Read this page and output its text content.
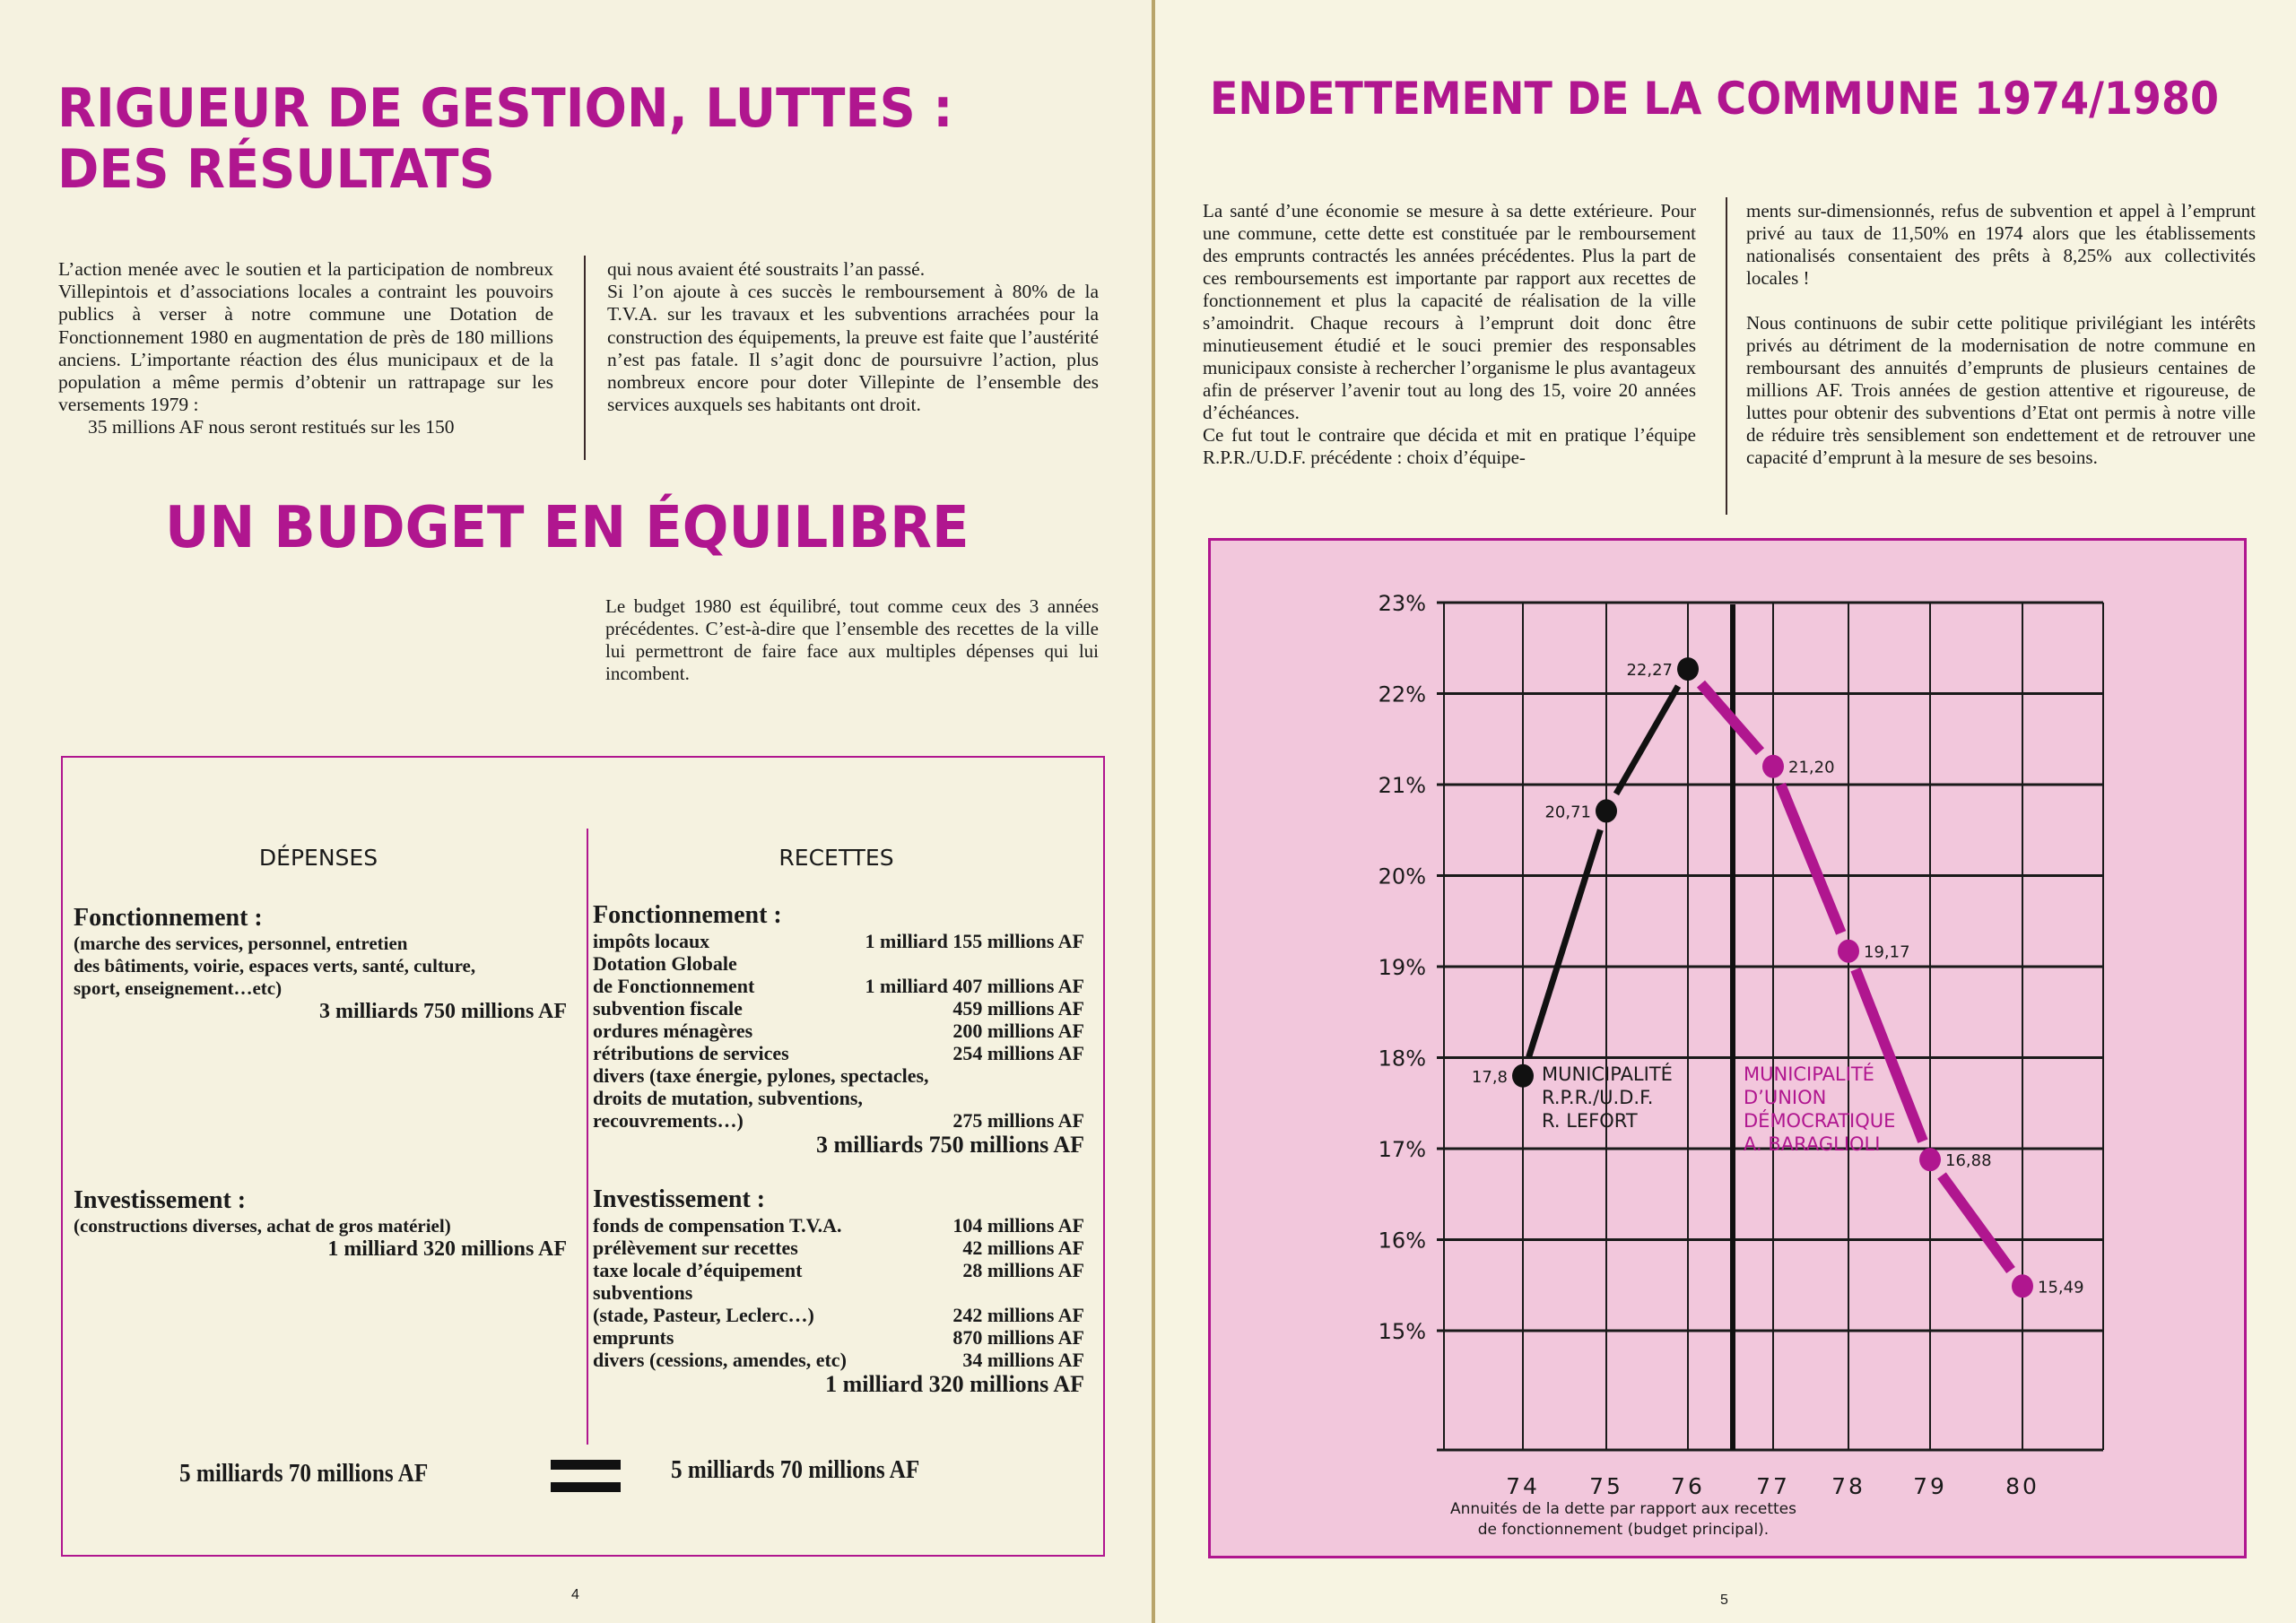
RIGUEUR DE GESTION, LUTTES :
DES RÉSULTATS

L’action menée avec le soutien et la participation de nombreux Villepintois et d’associations locales a contraint les pouvoirs publics à verser à notre commune une Dotation de Fonctionnement 1980 en augmentation de près de 180 millions anciens. L’importante réaction des élus municipaux et de la population a même permis d’obtenir un rattrapage sur les versements 1979 :

35 millions AF nous seront restitués sur les 150

qui nous avaient été soustraits l’an passé.

Si l’on ajoute à ces succès le remboursement à 80% de la T.V.A. sur les travaux et les subventions arrachées pour la construction des équipements, la preuve est faite que l’austérité n’est pas fatale. Il s’agit donc de poursuivre l’action, plus nombreux encore pour doter Villepinte de l’ensemble des services auxquels ses habitants ont droit.

UN BUDGET EN ÉQUILIBRE
Le budget 1980 est équilibré, tout comme ceux des 3 années précédentes. C’est-à-dire que l’ensemble des recettes de la ville lui permettront de faire face aux multiples dépenses qui lui incombent.
DÉPENSES
Fonctionnement :
(marche des services, personnel, entretien
des bâtiments, voirie, espaces verts, santé, culture,
sport, enseignement…etc)
3 milliards 750 millions AF
Investissement :
(constructions diverses, achat de gros matériel)
1 milliard 320 millions AF
RECETTES
Fonctionnement :
impôts locaux	1 milliard 155 millions AF
Dotation Globale
de Fonctionnement	1 milliard 407 millions AF
subvention fiscale	459 millions AF
ordures ménagères	200 millions AF
rétributions de services	254 millions AF
divers (taxe énergie, pylones, spectacles,
droits de mutation, subventions,
recouvrements…)	275 millions AF
3 milliards 750 millions AF
Investissement :
fonds de compensation T.V.A.	104 millions AF
prélèvement sur recettes	42 millions AF
taxe locale d’équipement	28 millions AF
subventions
(stade, Pasteur, Leclerc…)	242 millions AF
emprunts	870 millions AF
divers (cessions, amendes, etc)	34 millions AF
1 milliard 320 millions AF
5 milliards 70 millions AF	5 milliards 70 millions AF
4
ENDETTEMENT DE LA COMMUNE 1974/1980

La santé d’une économie se mesure à sa dette extérieure. Pour une commune, cette dette est constituée par le remboursement des emprunts contractés les années précédentes. Plus la part de ces remboursements est importante par rapport aux recettes de fonctionnement et plus la capacité de réalisation de la ville s’amoindrit. Chaque recours à l’emprunt doit donc être minutieusement étudié et le souci premier des responsables municipaux consiste à rechercher l’organisme le plus avantageux afin de préserver l’avenir tout au long des 15, voire 20 années d’échéances.

Ce fut tout le contraire que décida et mit en pratique l’équipe R.P.R./U.D.F. précédente : choix d’équipe-

ments sur-dimensionnés, refus de subvention et appel à l’emprunt privé au taux de 11,50% en 1974 alors que les établissements nationalisés consentaient des prêts à 8,25% aux collectivités locales !

Nous continuons de subir cette politique privilégiant les intérêts privés au détriment de la modernisation de notre commune en remboursant des annuités d’emprunts de plusieurs centaines de millions AF. Trois années de gestion attentive et rigoureuse, de luttes pour obtenir des subventions d’Etat ont permis à notre ville de réduire très sensiblement son endettement et de retrouver une capacité d’emprunt à la mesure de ses besoins.

23%
22%
21%
20%
19%
18%
17%
16%
15%
74 75 76 77 78 79	80
17,8
20,71
22,27
21,20
19,17
16,88
15,49
MUNICIPALITÉ
R.P.R./U.D.F.
R. LEFORT
MUNICIPALITÉ
D’UNION
DÉMOCRATIQUE
A. BARAGLIOLI
Annuités de la dette par rapport aux recettes
de fonctionnement (budget principal).
5
